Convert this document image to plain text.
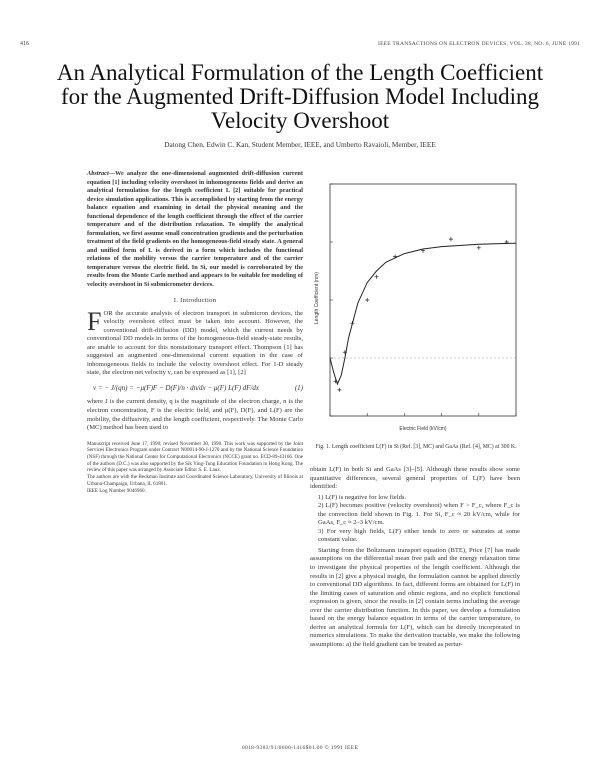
416	IEEE TRANSACTIONS ON ELECTRON DEVICES, VOL. 38, NO. 6, JUNE 1991
An Analytical Formulation of the Length Coefficient
for the Augmented Drift-Diffusion Model Including
Velocity Overshoot
Datong Chen, Edwin C. Kan, Student Member, IEEE, and Umberto Ravaioli, Member, IEEE
Abstract—We analyze the one-dimensional augmented drift-diffusion current equation [1] including velocity overshoot in inhomogeneous fields and derive an analytical formulation for the length coefficient L [2] suitable for practical device simulation applications. This is accomplished by starting from the energy balance equation and examining in detail the physical meaning and the functional dependence of the length coefficient through the effect of the carrier temperature and of the distribution relaxation. To simplify the analytical formulation, we first assume small concentration gradients and the perturbation treatment of the field gradients on the homogeneous-field steady state. A general and unified form of L is derived in a form which includes the functional relations of the mobility versus the carrier temperature and of the carrier temperature versus the electric field. In Si, our model is corroborated by the results from the Monte Carlo method and appears to be suitable for modeling of velocity overshoot in Si submicrometer devices.
I. Introduction
F OR the accurate analysis of electron transport in submicron devices, the velocity overshoot effect must be taken into account. However, the conventional drift-diffusion (DD) model, which the current needs by conventional DD models in terms of the homogeneous-field steady-state results, are unable to account for this nonstationary transport effect. Thompson [1] has suggested an augmented one-dimensional current equation in the case of inhomogeneous fields to include the velocity overshoot effect. For 1-D steady state, the electron net velocity v, can be expressed as [1], [2]

v = − J/(qn) = −μ(F)F − D(F)/n · dn/dx − μ(F) L(F) dF/dx	(1)

where J is the current density, q is the magnitude of the electron charge, n is the electron concentration, F is the electric field, and μ(F), D(F), and L(F) are the mobility, the diffusivity, and the length coefficient, respectively. The Monte Carlo (MC) method has been used to

Manuscript received June 17, 1990; revised November 30, 1990. This work was supported by the Joint Services Electronics Program under Contract N00014-90-J-1270 and by the National Science Foundation (NSF) through the National Center for Computational Electronics (NCCE) grant no. ECD-89-43166. One of the authors (D.C.) was also supported by the Sik Ying-Tung Education Foundation in Hong Kong. The review of this paper was arranged by Associate Editor S. E. Laux.

The authors are with the Beckman Institute and Coordinated Science Laboratory, University of Illinois at Urbana-Champaign, Urbana, IL 61801.

IEEE Log Number 9046960.

Length Coefficient (nm)
Electric Field (kV/cm)
Fig. 1. Length coefficient L(F) in Si (Ref. [3], MC) and GaAs (Ref. [4], MC) at 300 K.

obtain L(F) in both Si and GaAs [3]–[5]. Although these results show some quantitative differences, several general properties of L(F) have been identified:

1) L(F) is negative for low fields.

2) L(F) becomes positive (velocity overshoot) when F > F_c, where F_c is the convection field shown in Fig. 1. For Si, F_c ≈ 20 kV/cm, while for GaAs, F_c ≈ 2–3 kV/cm.

3) For very high fields, L(F) either tends to zero or saturates at some constant value.

Starting from the Boltzmann transport equation (BTE), Price [7] has made assumptions on the differential mean free path and the energy relaxation time to investigate the physical properties of the length coefficient. Although the results in [2] give a physical insight, the formulation cannot be applied directly to conventional DD algorithms. In fact, different forms are obtained for L(F) in the limiting cases of saturation and ohmic regions, and no explicit functional expression is given, since the results in [2] contain terms including the average over the carrier distribution function. In this paper, we develop a formulation based on the energy balance equation in terms of the carrier temperature, to derive an analytical formula for L(F), which can be directly incorporated in numerics simulations. To make the derivation tractable, we make the following assumptions: a) the field gradient can be treated as pertur-

0018-9383/91/0600-1416$01.00 © 1991 IEEE
